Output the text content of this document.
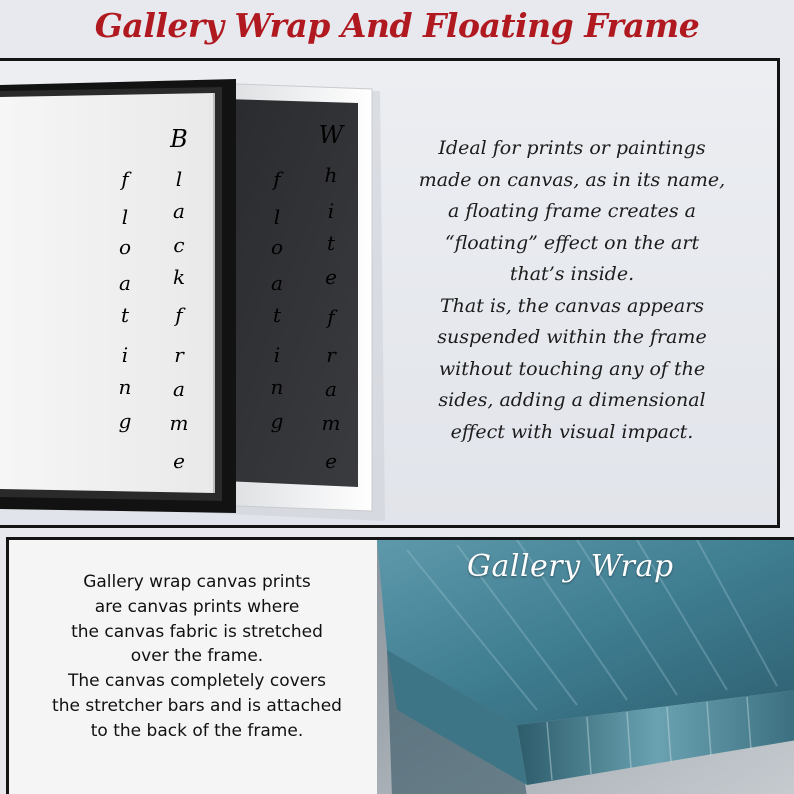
Gallery Wrap And Floating Frame
f
l
o
a
t
i
n
g
B
l
a
c
k
f
r
a
m
e
f
l
o
a
t
i
n
g
W
h
i
t
e
f
r
a
m
e
Ideal for prints or paintings
made on canvas, as in its name,
a floating frame creates a
“floating” effect on the art
that’s inside.
That is, the canvas appears
suspended within the frame
without touching any of the
sides, adding a dimensional
effect with visual impact.
Gallery wrap canvas prints
are canvas prints where
the canvas fabric is stretched
over the frame.
The canvas completely covers
the stretcher bars and is attached
to the back of the frame.
Gallery Wrap
